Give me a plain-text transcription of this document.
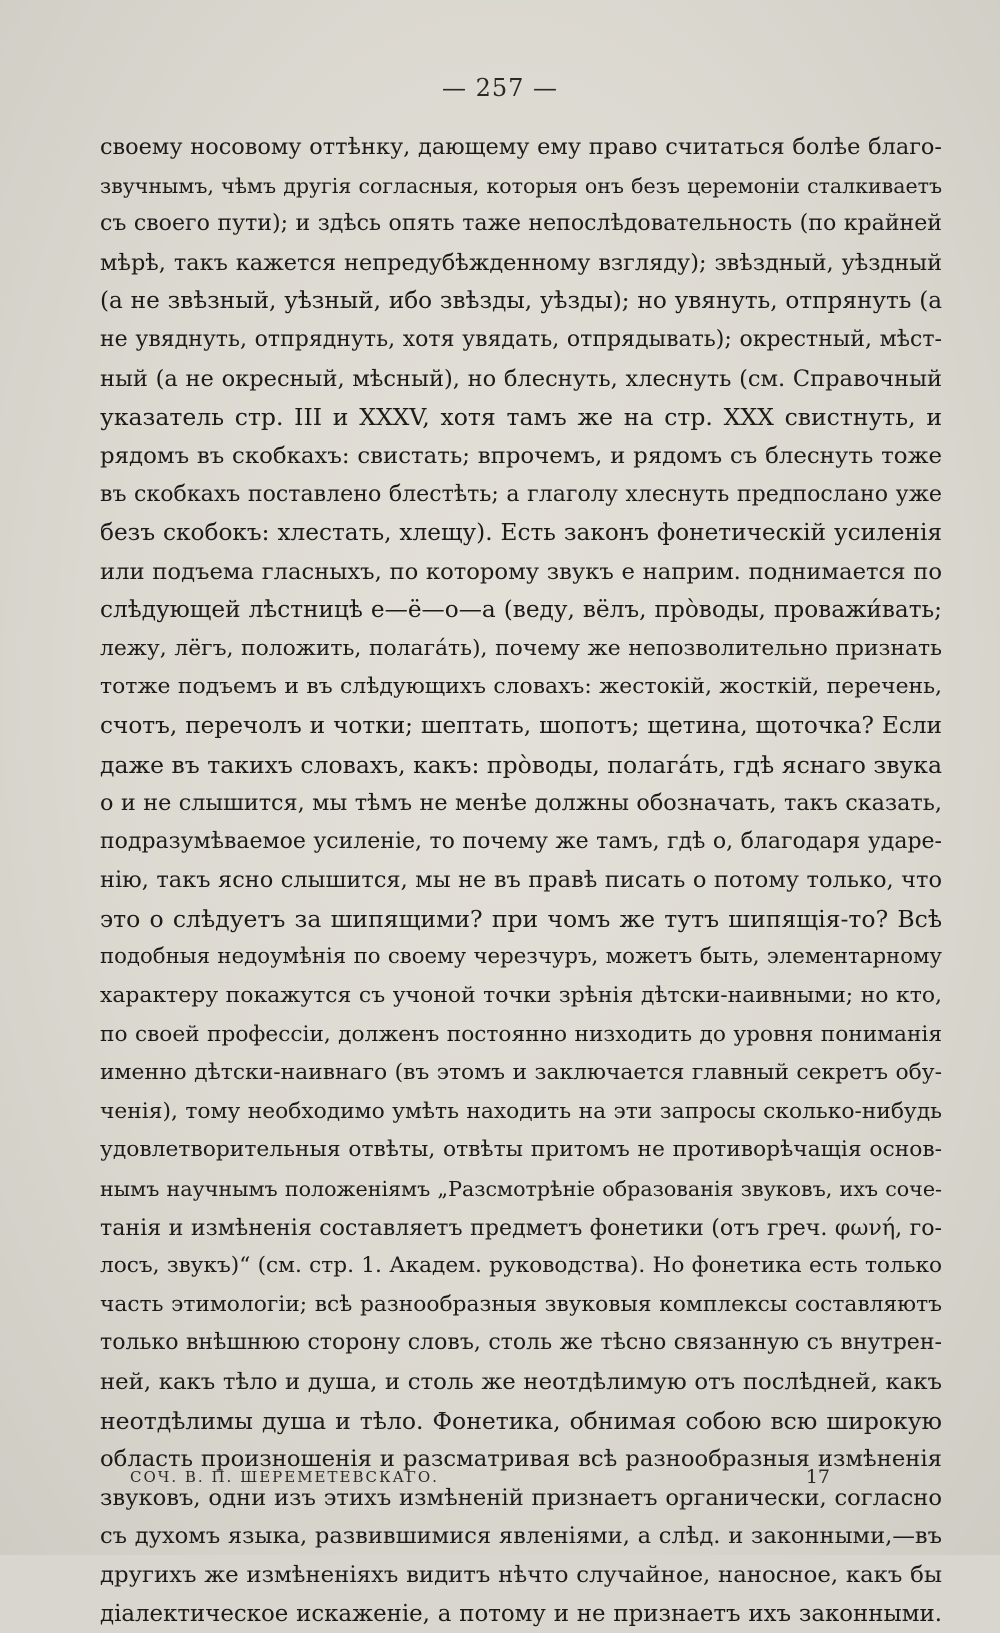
— 257 —
своему носовому оттѣнку, дающему ему право считаться болѣе благо-
звучнымъ, чѣмъ другія согласныя, которыя онъ безъ церемоніи сталкиваетъ
съ своего пути); и здѣсь опять таже непослѣдовательность (по крайней
мѣрѣ, такъ кажется непредубѣжденному взгляду); звѣздный, уѣздный
(а не звѣзный, уѣзный, ибо звѣзды, уѣзды); но увянуть, отпрянуть (а
не увяднуть, отпряднуть, хотя увядать, отпрядывать); окрестный, мѣст-
ный (а не окресный, мѣсный), но блеснуть, хлеснуть (см. Справочный
указатель стр. III и XXXV, хотя тамъ же на стр. XXX свистнуть, и
рядомъ въ скобкахъ: свистать; впрочемъ, и рядомъ съ блеснуть тоже
въ скобкахъ поставлено блестѣть; а глаголу хлеснуть предпослано уже
безъ скобокъ: хлестать, хлещу). Есть законъ фонетическій усиленія
или подъема гласныхъ, по которому звукъ е наприм. поднимается по
слѣдующей лѣстницѣ е—ё—о—а (веду, вёлъ, прòводы, проважи́вать;
лежу, лёгъ, положить, полагáть), почему же непозволительно признать
тотже подъемъ и въ слѣдующихъ словахъ: жестокій, жосткій, перечень,
счотъ, перечолъ и чотки; шептать, шопотъ; щетина, щоточка? Если
даже въ такихъ словахъ, какъ: прòводы, полагáть, гдѣ яснаго звука
о и не слышится, мы тѣмъ не менѣе должны обозначать, такъ сказать,
подразумѣваемое усиленіе, то почему же тамъ, гдѣ о, благодаря ударе-
нію, такъ ясно слышится, мы не въ правѣ писать о потому только, что
это о слѣдуетъ за шипящими? при чомъ же тутъ шипящія-то? Всѣ
подобныя недоумѣнія по своему черезчуръ, можетъ быть, элементарному
характеру покажутся съ учоной точки зрѣнія дѣтски-наивными; но кто,
по своей профессіи, долженъ постоянно низходить до уровня пониманія
именно дѣтски-наивнаго (въ этомъ и заключается главный секретъ обу-
ченія), тому необходимо умѣть находить на эти запросы сколько-нибудь
удовлетворительныя отвѣты, отвѣты притомъ не противорѣчащія основ-
нымъ научнымъ положеніямъ „Разсмотрѣніе образованія звуковъ, ихъ соче-
танія и измѣненія составляетъ предметъ фонетики (отъ греч. φωνή, го-
лосъ, звукъ)“ (см. стр. 1. Академ. руководства). Но фонетика есть только
часть этимологіи; всѣ разнообразныя звуковыя комплексы составляютъ
только внѣшнюю сторону словъ, столь же тѣсно связанную съ внутрен-
ней, какъ тѣло и душа, и столь же неотдѣлимую отъ послѣдней, какъ
неотдѣлимы душа и тѣло. Фонетика, обнимая собою всю широкую
область произношенія и разсматривая всѣ разнообразныя измѣненія
звуковъ, одни изъ этихъ измѣненій признаетъ органически, согласно
съ духомъ языка, развившимися явленіями, а слѣд. и законными,—въ
другихъ же измѣненіяхъ видитъ нѣчто случайное, наносное, какъ бы
діалектическое искаженіе, а потому и не признаетъ ихъ законными.
СОЧ. В. П. ШЕРЕМЕТЕВСКАГО.	17
